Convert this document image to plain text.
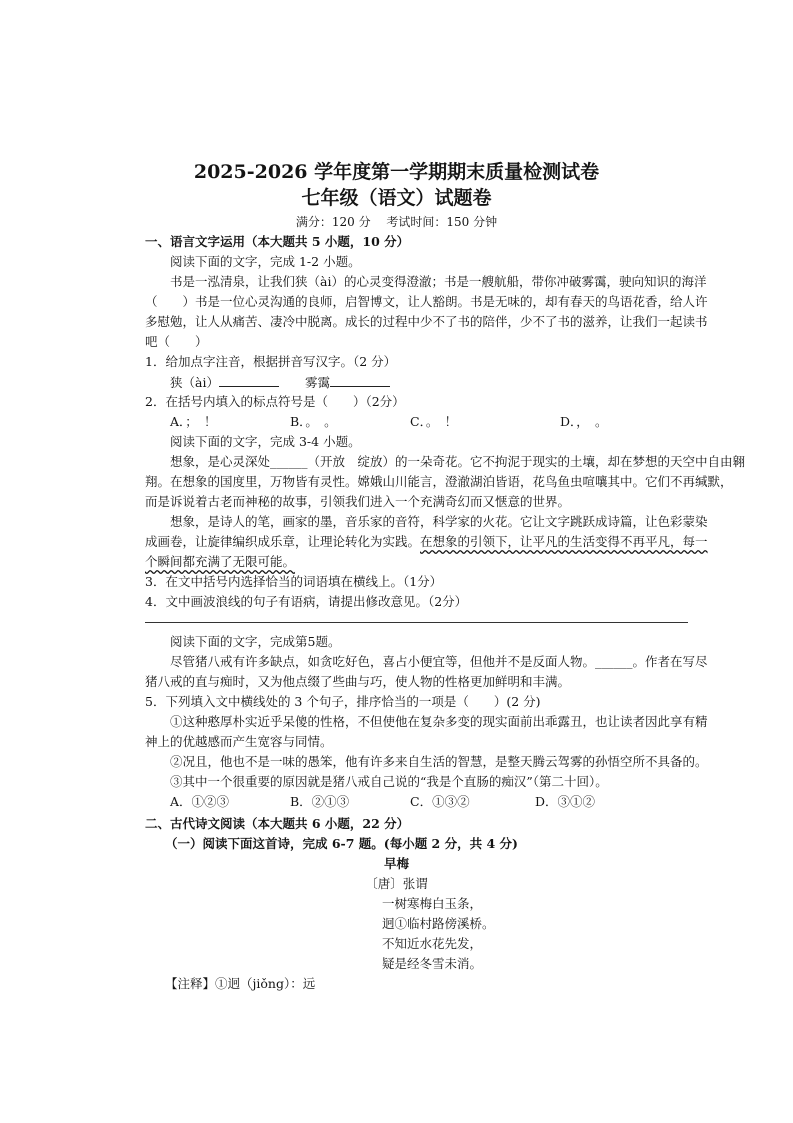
2025-2026 学年度第一学期期末质量检测试卷
七年级（语文）试题卷
满分：120 分　 考试时间：150 分钟
一、语言文字运用（本大题共 5 小题，10 分）
阅读下面的文字，完成 1-2 小题。
书是一泓清泉，让我们狭（ài）的心灵变得澄澈；书是一艘航船，带你冲破雾霭，驶向知识的海洋
（　　）书是一位心灵沟通的良师，启智博文，让人豁朗。书是无味的，却有春天的鸟语花香，给人许
多慰勉，让人从痛苦、凄冷中脱离。成长的过程中少不了书的陪伴，少不了书的滋养，让我们一起读书
吧（　　）
1．给加点字注音，根据拼音写汉字。（2 分）
狭（ài）	雾霭
2．在括号内填入的标点符号是（　　）（2分）
A．；　！	B．。　。	C．。　！	D．，　。
阅读下面的文字，完成 3-4 小题。
想象，是心灵深处______（开放　绽放）的一朵奇花。它不拘泥于现实的土壤，却在梦想的天空中自由翱
翔。在想象的国度里，万物皆有灵性。嫦娥山川能言，澄澈湖泊皆语，花鸟鱼虫喧嚷其中。它们不再缄默，
而是诉说着古老而神秘的故事，引领我们进入一个充满奇幻而又惬意的世界。
想象，是诗人的笔，画家的墨，音乐家的音符，科学家的火花。它让文字跳跃成诗篇，让色彩蒙染
成画卷，让旋律编织成乐章，让理论转化为实践。在想象的引领下，让平凡的生活变得不再平凡，每一
个瞬间都充满了无限可能。
3．在文中括号内选择恰当的词语填在横线上。（1分）
4．文中画波浪线的句子有语病，请提出修改意见。（2分）
阅读下面的文字，完成第5题。
尽管猪八戒有许多缺点，如贪吃好色，喜占小便宜等，但他并不是反面人物。______。作者在写尽
猪八戒的直与痴时，又为他点缀了些曲与巧，使人物的性格更加鲜明和丰满。
5．下列填入文中横线处的 3 个句子，排序恰当的一项是（　　）(2 分)
①这种憨厚朴实近乎呆傻的性格，不但使他在复杂多变的现实面前出乖露丑，也让读者因此享有精
神上的优越感而产生宽容与同情。
②况且，他也不是一味的愚笨，他有许多来自生活的智慧，是整天腾云驾雾的孙悟空所不具备的。
③其中一个很重要的原因就是猪八戒自己说的“我是个直肠的痴汉”（第二十回）。
A．①②③	B．②①③	C．①③②	D．③①②
二、古代诗文阅读（本大题共 6 小题，22 分）
（一）阅读下面这首诗，完成 6-7 题。(每小题 2 分，共 4 分)
早梅
〔唐〕张谓
一树寒梅白玉条，
迥①临村路傍溪桥。
不知近水花先发，
疑是经冬雪未消。
【注释】①迥（jiǒng）：远
